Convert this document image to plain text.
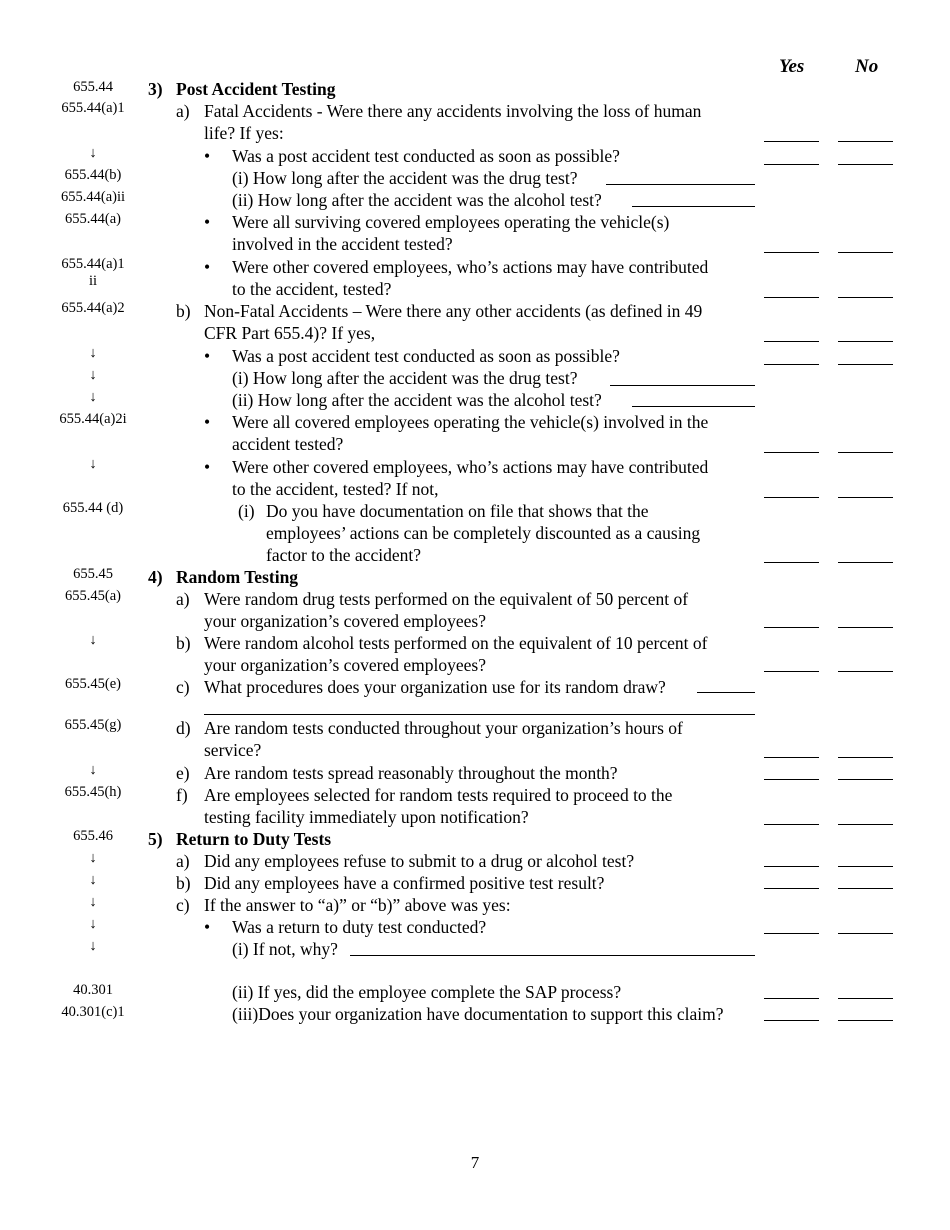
Yes	No
655.44
655.44(a)1
↓
655.44(b)
655.44(a)ii
655.44(a)
655.44(a)1
ii
655.44(a)2
↓
↓
↓
655.44(a)2i
↓
655.44 (d)
655.45
655.45(a)
↓
655.45(e)
655.45(g)
↓
655.45(h)
655.46
↓
↓
↓
↓
↓
40.301
40.301(c)1
3) Post Accident Testing
a) Fatal Accidents - Were there any accidents involving the loss of human
life? If yes:
• Was a post accident test conducted as soon as possible?
(i) How long after the accident was the drug test?
(ii) How long after the accident was the alcohol test?
• Were all surviving covered employees operating the vehicle(s)
involved in the accident tested?
• Were other covered employees, who’s actions may have contributed
to the accident, tested?
b) Non-Fatal Accidents – Were there any other accidents (as defined in 49
CFR Part 655.4)? If yes,
• Was a post accident test conducted as soon as possible?
(i) How long after the accident was the drug test?
(ii) How long after the accident was the alcohol test?
• Were all covered employees operating the vehicle(s) involved in the
accident tested?
• Were other covered employees, who’s actions may have contributed
to the accident, tested? If not,
(i) Do you have documentation on file that shows that the
employees’ actions can be completely discounted as a causing
factor to the accident?
4) Random Testing
a) Were random drug tests performed on the equivalent of 50 percent of
your organization’s covered employees?
b) Were random alcohol tests performed on the equivalent of 10 percent of
your organization’s covered employees?
c) What procedures does your organization use for its random draw?
d) Are random tests conducted throughout your organization’s hours of
service?
e) Are random tests spread reasonably throughout the month?
f) Are employees selected for random tests required to proceed to the
testing facility immediately upon notification?
5) Return to Duty Tests
a) Did any employees refuse to submit to a drug or alcohol test?
b) Did any employees have a confirmed positive test result?
c) If the answer to “a)” or “b)” above was yes:
• Was a return to duty test conducted?
(i) If not, why?
(ii) If yes, did the employee complete the SAP process?
(iii)Does your organization have documentation to support this claim?
7
